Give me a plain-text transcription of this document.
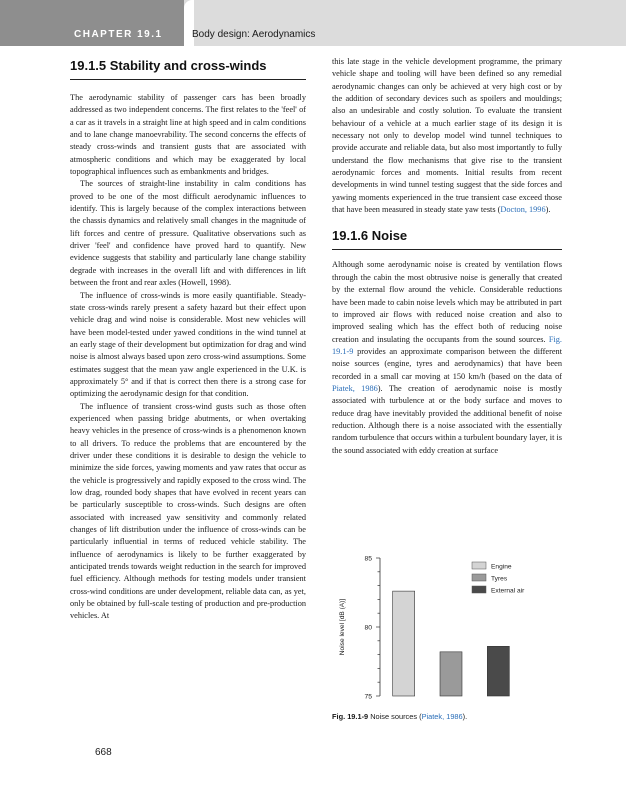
CHAPTER 19.1	Body design: Aerodynamics
19.1.5 Stability and cross-winds

The aerodynamic stability of passenger cars has been broadly addressed as two independent concerns. The first relates to the 'feel' of a car as it travels in a straight line at high speed and in calm conditions and to lane change manoevrability. The second concerns the effects of steady cross-winds and transient gusts that are associated with atmospheric conditions and which may be exaggerated by local topographical influences such as embankments and bridges.

The sources of straight-line instability in calm conditions has proved to be one of the most difficult aerodynamic influences to identify. This is largely because of the complex interactions between the chassis dynamics and relatively small changes in the magnitude of lift forces and centre of pressure. Qualitative observations such as driver 'feel' and confidence have proved hard to quantify. New evidence suggests that stability and particularly lane change stability degrade with increases in the overall lift and with differences in lift between the front and rear axles (Howell, 1998).

The influence of cross-winds is more easily quantifiable. Steady-state cross-winds rarely present a safety hazard but their effect upon vehicle drag and wind noise is considerable. Most new vehicles will have been model-tested under yawed conditions in the wind tunnel at an early stage of their development but optimization for drag and wind noise is almost always based upon zero cross-wind assumptions. Some estimates suggest that the mean yaw angle experienced in the U.K. is approximately 5° and if that is correct then there is a strong case for optimizing the aerodynamic design for that condition.

The influence of transient cross-wind gusts such as those often experienced when passing bridge abutments, or when overtaking heavy vehicles in the presence of cross-winds is a phenomenon known to all drivers. To reduce the problems that are encountered by the driver under these conditions it is desirable to design the vehicle to minimize the side forces, yawing moments and yaw rates that occur as the vehicle is progressively and rapidly exposed to the cross wind. The low drag, rounded body shapes that have evolved in recent years can be particularly susceptible to cross-winds. Such designs are often associated with increased yaw sensitivity and commonly related changes of lift distribution under the influence of cross-winds can be particularly influential in terms of reduced vehicle stability. The influence of aerodynamics is likely to be further exaggerated by anticipated trends towards weight reduction in the search for improved fuel efficiency. Although methods for testing models under transient cross-wind conditions are under development, reliable data can, as yet, only be obtained by full-scale testing of production and pre-production vehicles. At

this late stage in the vehicle development programme, the primary vehicle shape and tooling will have been defined so any remedial aerodynamic changes can only be achieved at very high cost or by the addition of secondary devices such as spoilers and mouldings; also an undesirable and costly solution. To evaluate the transient behaviour of a vehicle at a much earlier stage of its design it is necessary not only to develop model wind tunnel techniques to provide accurate and reliable data, but also most importantly to fully understand the flow mechanisms that give rise to the transient aerodynamic forces and moments. Initial results from recent developments in wind tunnel testing suggest that the side forces and yawing moments experienced in the true transient case exceed those that have been measured in steady state yaw tests (Docton, 1996).

19.1.6 Noise

Although some aerodynamic noise is created by ventilation flows through the cabin the most obtrusive noise is generally that created by the external flow around the vehicle. Considerable reductions have been made to cabin noise levels which may be attributed in part to improved air flows with reduced noise creation and also to improved sealing which has the effect both of reducing noise creation and insulating the occupants from the sound sources. Fig. 19.1-9 provides an approximate comparison between the different noise sources (engine, tyres and aerodynamics) that have been recorded in a small car moving at 150 km/h (based on the data of Piatek, 1986). The creation of aerodynamic noise is mostly associated with turbulence at or the body surface and moves to reduce drag have inevitably provided the additional benefit of noise reduction. Although there is a noise associated with the essentially random turbulence that occurs within a turbulent boundary layer, it is the sound associated with eddy creation at surface

75
80
85
Noise level [dB (A)]
Engine
Tyres
External air
Fig. 19.1-9 Noise sources (Piatek, 1986).
668
